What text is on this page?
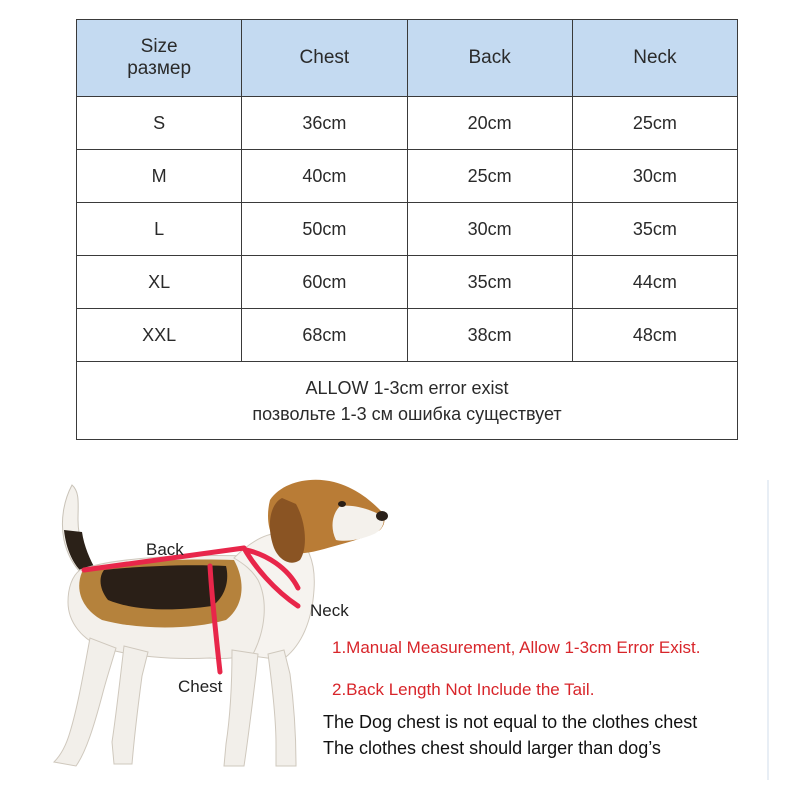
Size
размер	Chest	Back	Neck
S	36cm	20cm	25cm
M	40cm	25cm	30cm
L	50cm	30cm	35cm
XL	60cm	35cm	44cm
XXL	68cm	38cm	48cm

ALLOW 1-3cm error exist
позвольте 1-3 см ошибка существует			
Back
Neck
Chest
1.Manual Measurement, Allow 1-3cm Error Exist.
2.Back Length Not Include the Tail.
The Dog chest is not equal to the clothes chest
The clothes chest should larger than dog’s
